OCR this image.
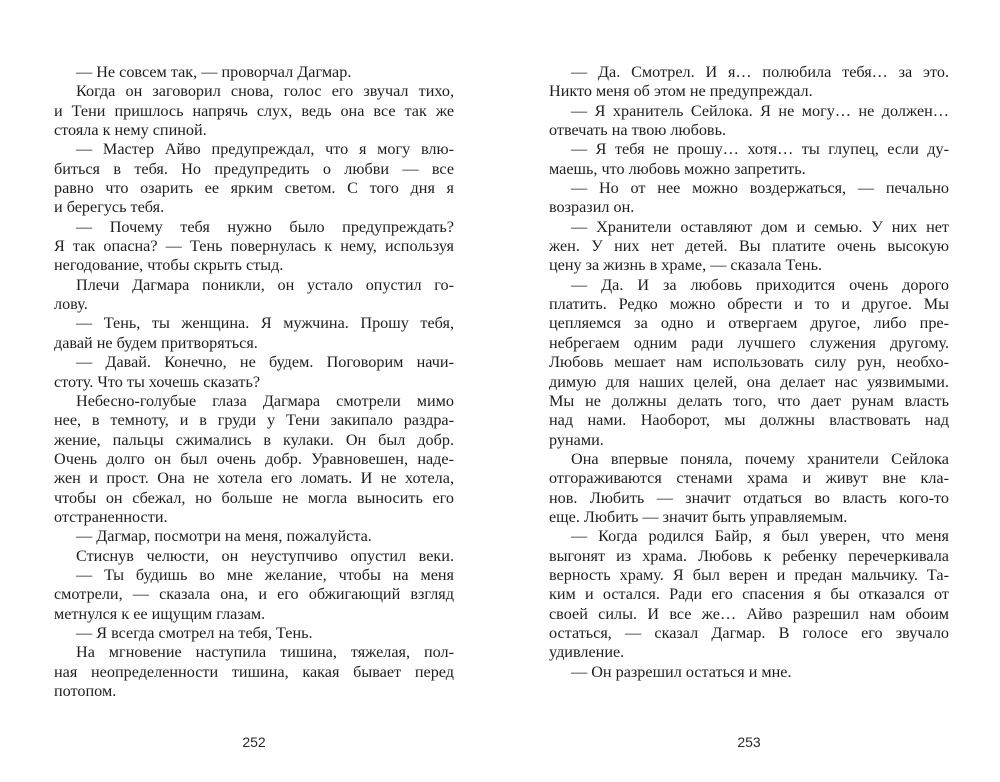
— Не совсем так, — проворчал Дагмар.
Когда он заговорил снова, голос его звучал тихо,
и Тени пришлось напрячь слух, ведь она все так же
стояла к нему спиной.
— Мастер Айво предупреждал, что я могу влю-
биться в тебя. Но предупредить о любви — все
равно что озарить ее ярким светом. С того дня я
и берегусь тебя.
— Почему тебя нужно было предупреждать?
Я так опасна? — Тень повернулась к нему, используя
негодование, чтобы скрыть стыд.
Плечи Дагмара поникли, он устало опустил го-
лову.
— Тень, ты женщина. Я мужчина. Прошу тебя,
давай не будем притворяться.
— Давай. Конечно, не будем. Поговорим начи-
стоту. Что ты хочешь сказать?
Небесно-голубые глаза Дагмара смотрели мимо
нее, в темноту, и в груди у Тени закипало раздра-
жение, пальцы сжимались в кулаки. Он был добр.
Очень долго он был очень добр. Уравновешен, наде-
жен и прост. Она не хотела его ломать. И не хотела,
чтобы он сбежал, но больше не могла выносить его
отстраненности.
— Дагмар, посмотри на меня, пожалуйста.
Стиснув челюсти, он неуступчиво опустил веки.
— Ты будишь во мне желание, чтобы на меня
смотрели, — сказала она, и его обжигающий взгляд
метнулся к ее ищущим глазам.
— Я всегда смотрел на тебя, Тень.
На мгновение наступила тишина, тяжелая, пол-
ная неопределенности тишина, какая бывает перед
потопом.
252
— Да. Смотрел. И я… полюбила тебя… за это.
Никто меня об этом не предупреждал.
— Я хранитель Сейлока. Я не могу… не должен…
отвечать на твою любовь.
— Я тебя не прошу… хотя… ты глупец, если ду-
маешь, что любовь можно запретить.
— Но от нее можно воздержаться, — печально
возразил он.
— Хранители оставляют дом и семью. У них нет
жен. У них нет детей. Вы платите очень высокую
цену за жизнь в храме, — сказала Тень.
— Да. И за любовь приходится очень дорого
платить. Редко можно обрести и то и другое. Мы
цепляемся за одно и отвергаем другое, либо пре-
небрегаем одним ради лучшего служения другому.
Любовь мешает нам использовать силу рун, необхо-
димую для наших целей, она делает нас уязвимыми.
Мы не должны делать того, что дает рунам власть
над нами. Наоборот, мы должны властвовать над
рунами.
Она впервые поняла, почему хранители Сейлока
отгораживаются стенами храма и живут вне кла-
нов. Любить — значит отдаться во власть кого-то
еще. Любить — значит быть управляемым.
— Когда родился Байр, я был уверен, что меня
выгонят из храма. Любовь к ребенку перечеркивала
верность храму. Я был верен и предан мальчику. Та-
ким и остался. Ради его спасения я бы отказался от
своей силы. И все же… Айво разрешил нам обоим
остаться, — сказал Дагмар. В голосе его звучало
удивление.
— Он разрешил остаться и мне.
253
